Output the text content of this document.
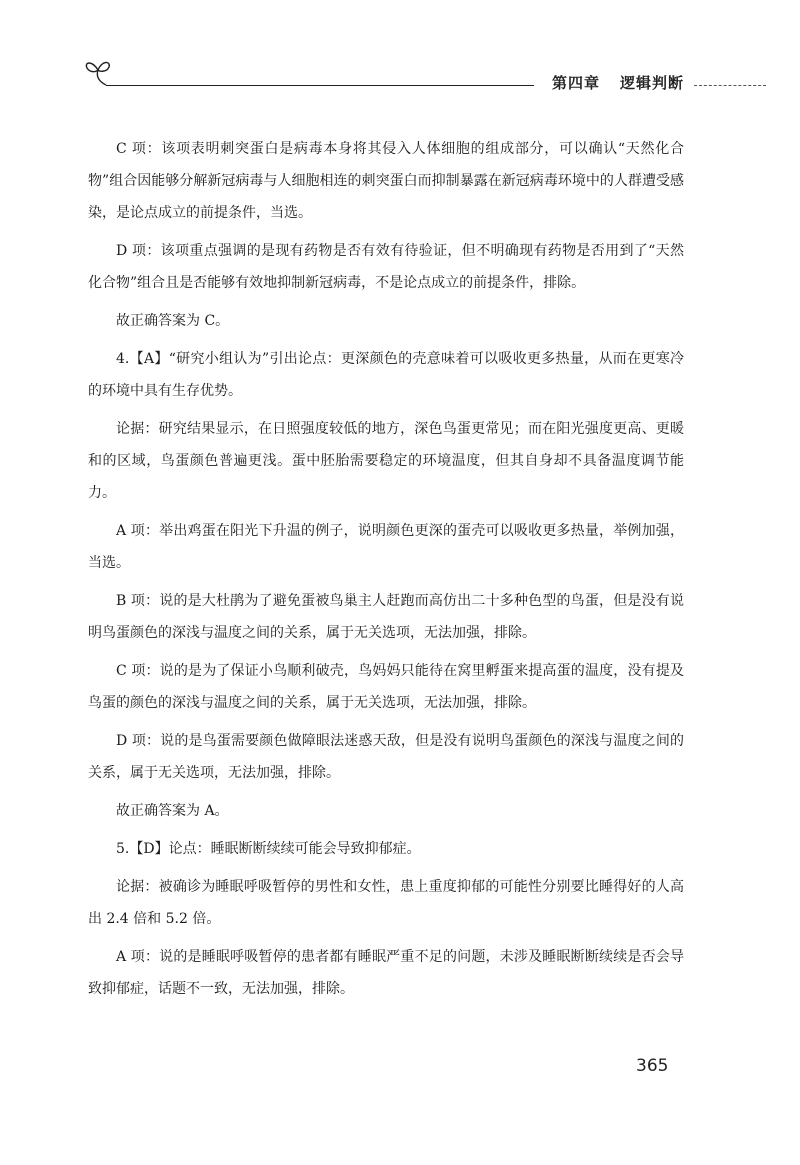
第四章 逻辑判断

C 项：该项表明刺突蛋白是病毒本身将其侵入人体细胞的组成部分，可以确认“天然化合物”组合因能够分解新冠病毒与人细胞相连的刺突蛋白而抑制暴露在新冠病毒环境中的人群遭受感染，是论点成立的前提条件，当选。

D 项：该项重点强调的是现有药物是否有效有待验证，但不明确现有药物是否用到了“天然化合物”组合且是否能够有效地抑制新冠病毒，不是论点成立的前提条件，排除。

故正确答案为 C。

4.【A】“研究小组认为”引出论点：更深颜色的壳意味着可以吸收更多热量，从而在更寒冷的环境中具有生存优势。

论据：研究结果显示，在日照强度较低的地方，深色鸟蛋更常见；而在阳光强度更高、更暖和的区域，鸟蛋颜色普遍更浅。蛋中胚胎需要稳定的环境温度，但其自身却不具备温度调节能力。

A 项：举出鸡蛋在阳光下升温的例子，说明颜色更深的蛋壳可以吸收更多热量，举例加强，当选。

B 项：说的是大杜鹃为了避免蛋被鸟巢主人赶跑而高仿出二十多种色型的鸟蛋，但是没有说明鸟蛋颜色的深浅与温度之间的关系，属于无关选项，无法加强，排除。

C 项：说的是为了保证小鸟顺利破壳，鸟妈妈只能待在窝里孵蛋来提高蛋的温度，没有提及鸟蛋的颜色的深浅与温度之间的关系，属于无关选项，无法加强，排除。

D 项：说的是鸟蛋需要颜色做障眼法迷惑天敌，但是没有说明鸟蛋颜色的深浅与温度之间的关系，属于无关选项，无法加强，排除。

故正确答案为 A。

5.【D】论点：睡眠断断续续可能会导致抑郁症。

论据：被确诊为睡眠呼吸暂停的男性和女性，患上重度抑郁的可能性分别要比睡得好的人高出 2.4 倍和 5.2 倍。

A 项：说的是睡眠呼吸暂停的患者都有睡眠严重不足的问题，未涉及睡眠断断续续是否会导致抑郁症，话题不一致，无法加强，排除。

365
